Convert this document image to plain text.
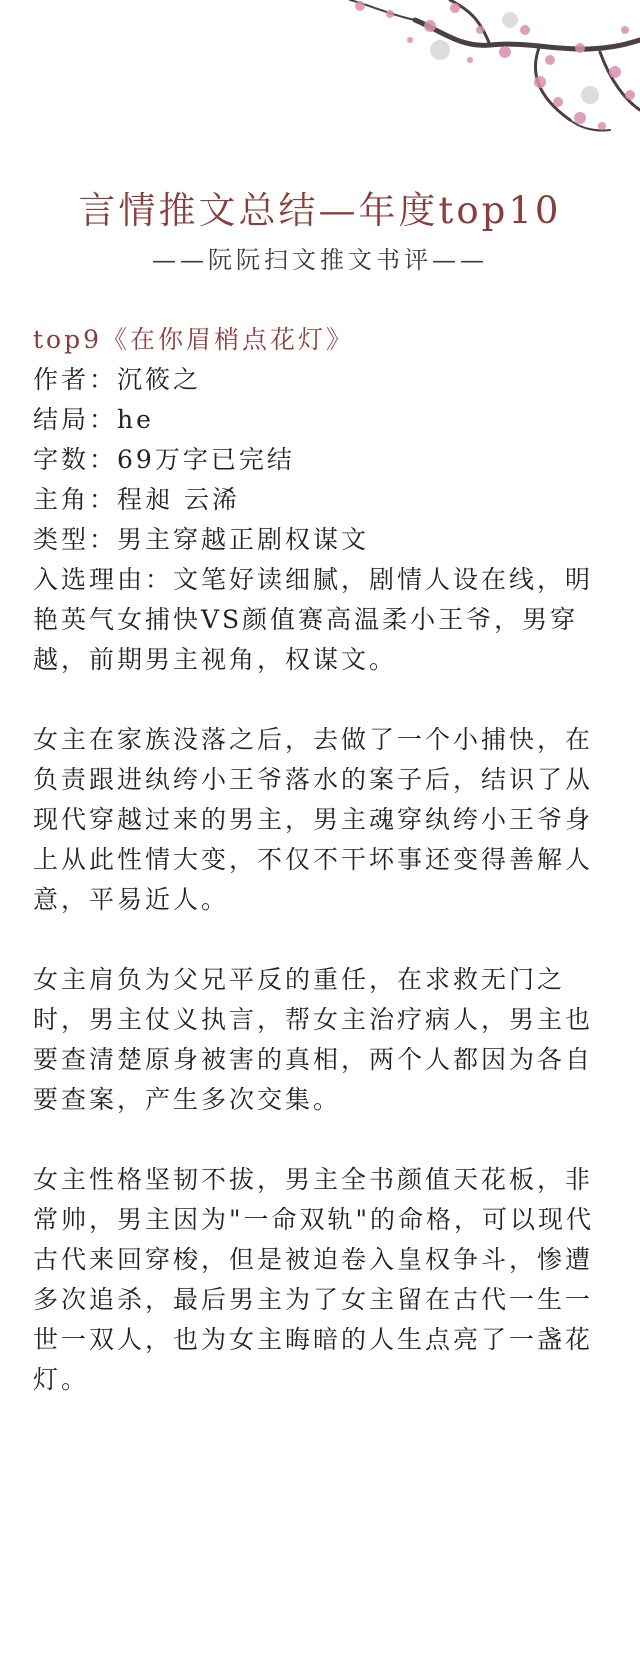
言情推文总结—年度top10
——阮阮扫文推文书评——
top9《在你眉梢点花灯》
作者：沉筱之
结局：he
字数：69万字已完结
主角：程昶 云浠
类型：男主穿越正剧权谋文

入选理由：文笔好读细腻，剧情人设在线，明艳英气女捕快VS颜值赛高温柔小王爷，男穿越，前期男主视角，权谋文。

女主在家族没落之后，去做了一个小捕快，在负责跟进纨绔小王爷落水的案子后，结识了从现代穿越过来的男主，男主魂穿纨绔小王爷身上从此性情大变，不仅不干坏事还变得善解人意，平易近人。

女主肩负为父兄平反的重任，在求救无门之时，男主仗义执言，帮女主治疗病人，男主也要查清楚原身被害的真相，两个人都因为各自要查案，产生多次交集。

女主性格坚韧不拔，男主全书颜值天花板，非常帅，男主因为"一命双轨"的命格，可以现代古代来回穿梭，但是被迫卷入皇权争斗，惨遭多次追杀，最后男主为了女主留在古代一生一世一双人，也为女主晦暗的人生点亮了一盏花灯。
